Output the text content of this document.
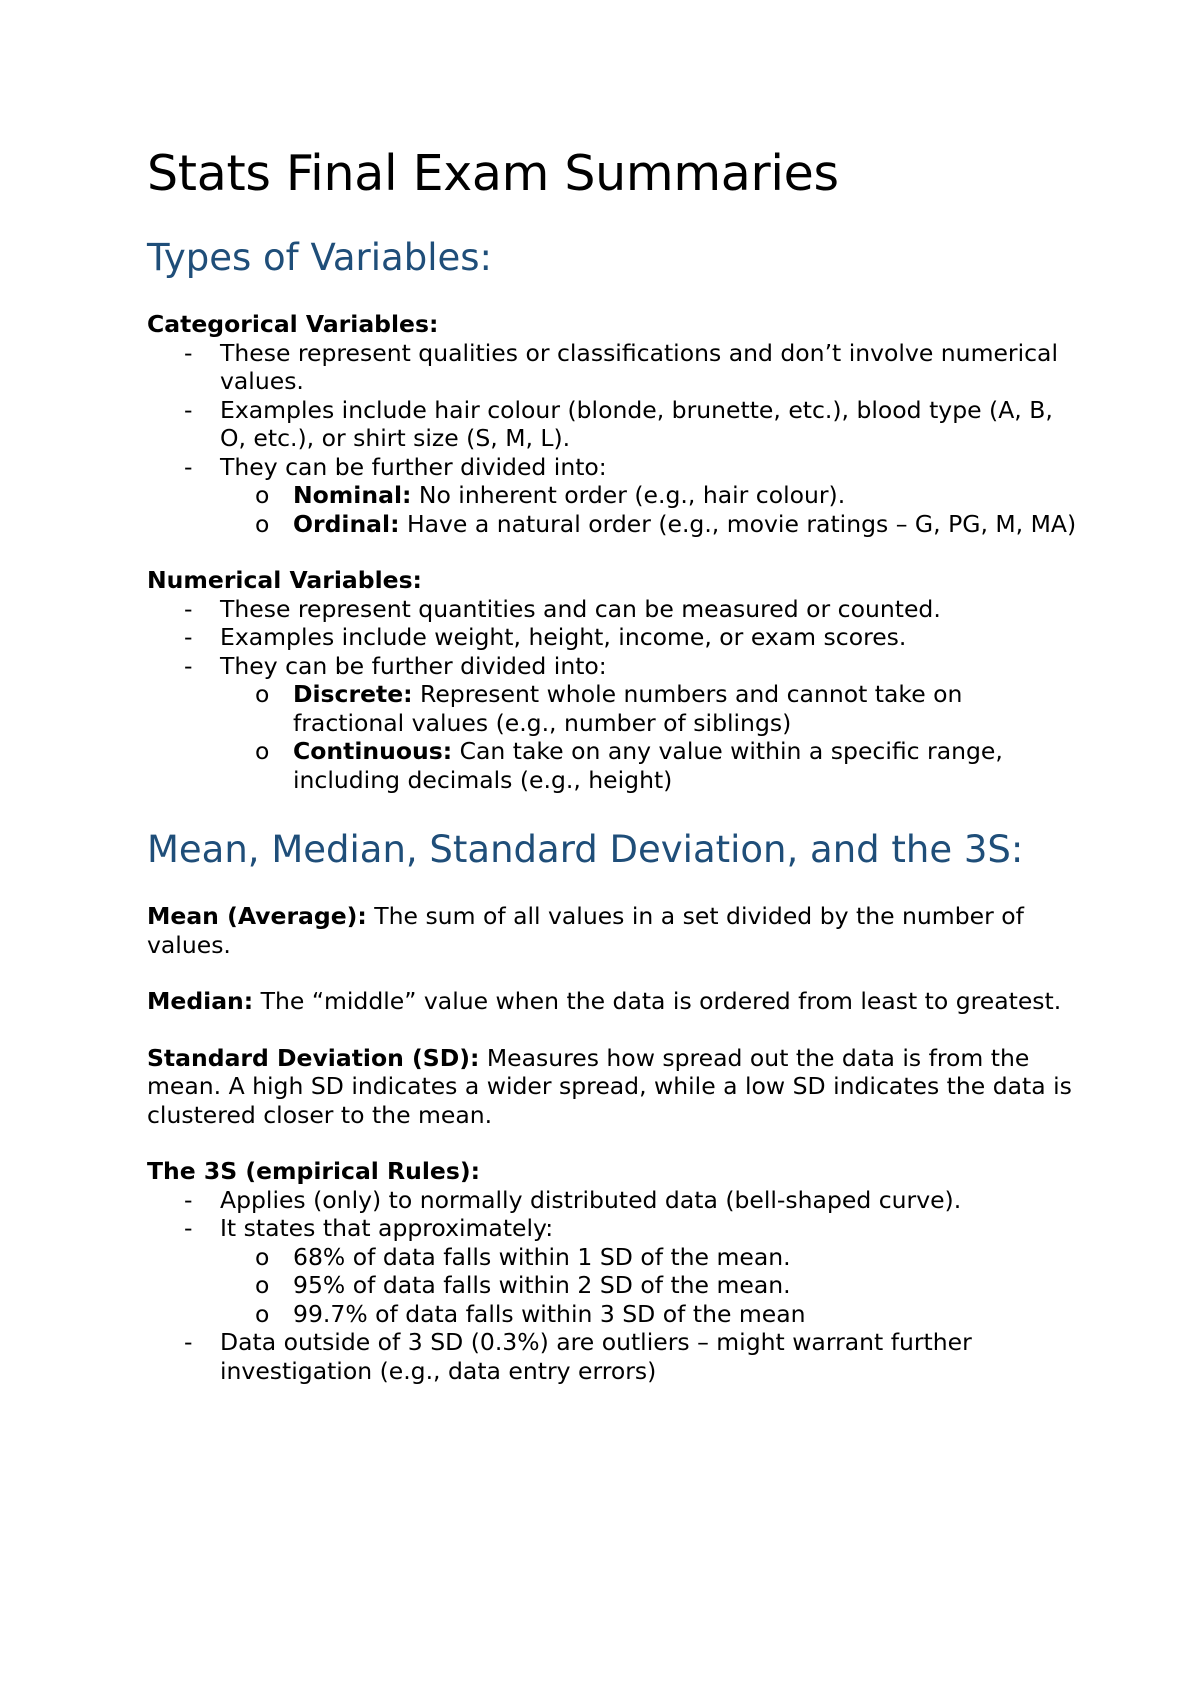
Stats Final Exam Summaries
Types of Variables:

Categorical Variables:

- These represent qualities or classifications and don’t involve numerical values.
- Examples include hair colour (blonde, brunette, etc.), blood type (A, B, O, etc.), or shirt size (S, M, L).
- They can be further divided into:
o Nominal: No inherent order (e.g., hair colour).
o Ordinal: Have a natural order (e.g., movie ratings – G, PG, M, MA)

Numerical Variables:

- These represent quantities and can be measured or counted.
- Examples include weight, height, income, or exam scores.
- They can be further divided into:
o Discrete: Represent whole numbers and cannot take on fractional values (e.g., number of siblings)
o Continuous: Can take on any value within a specific range, including decimals (e.g., height)
Mean, Median, Standard Deviation, and the 3S:

Mean (Average): The sum of all values in a set divided by the number of values.

Median: The “middle” value when the data is ordered from least to greatest.

Standard Deviation (SD): Measures how spread out the data is from the mean. A high SD indicates a wider spread, while a low SD indicates the data is clustered closer to the mean.

The 3S (empirical Rules):

- Applies (only) to normally distributed data (bell-shaped curve).
- It states that approximately:
o 68% of data falls within 1 SD of the mean.
o 95% of data falls within 2 SD of the mean.
o 99.7% of data falls within 3 SD of the mean
- Data outside of 3 SD (0.3%) are outliers – might warrant further investigation (e.g., data entry errors)
